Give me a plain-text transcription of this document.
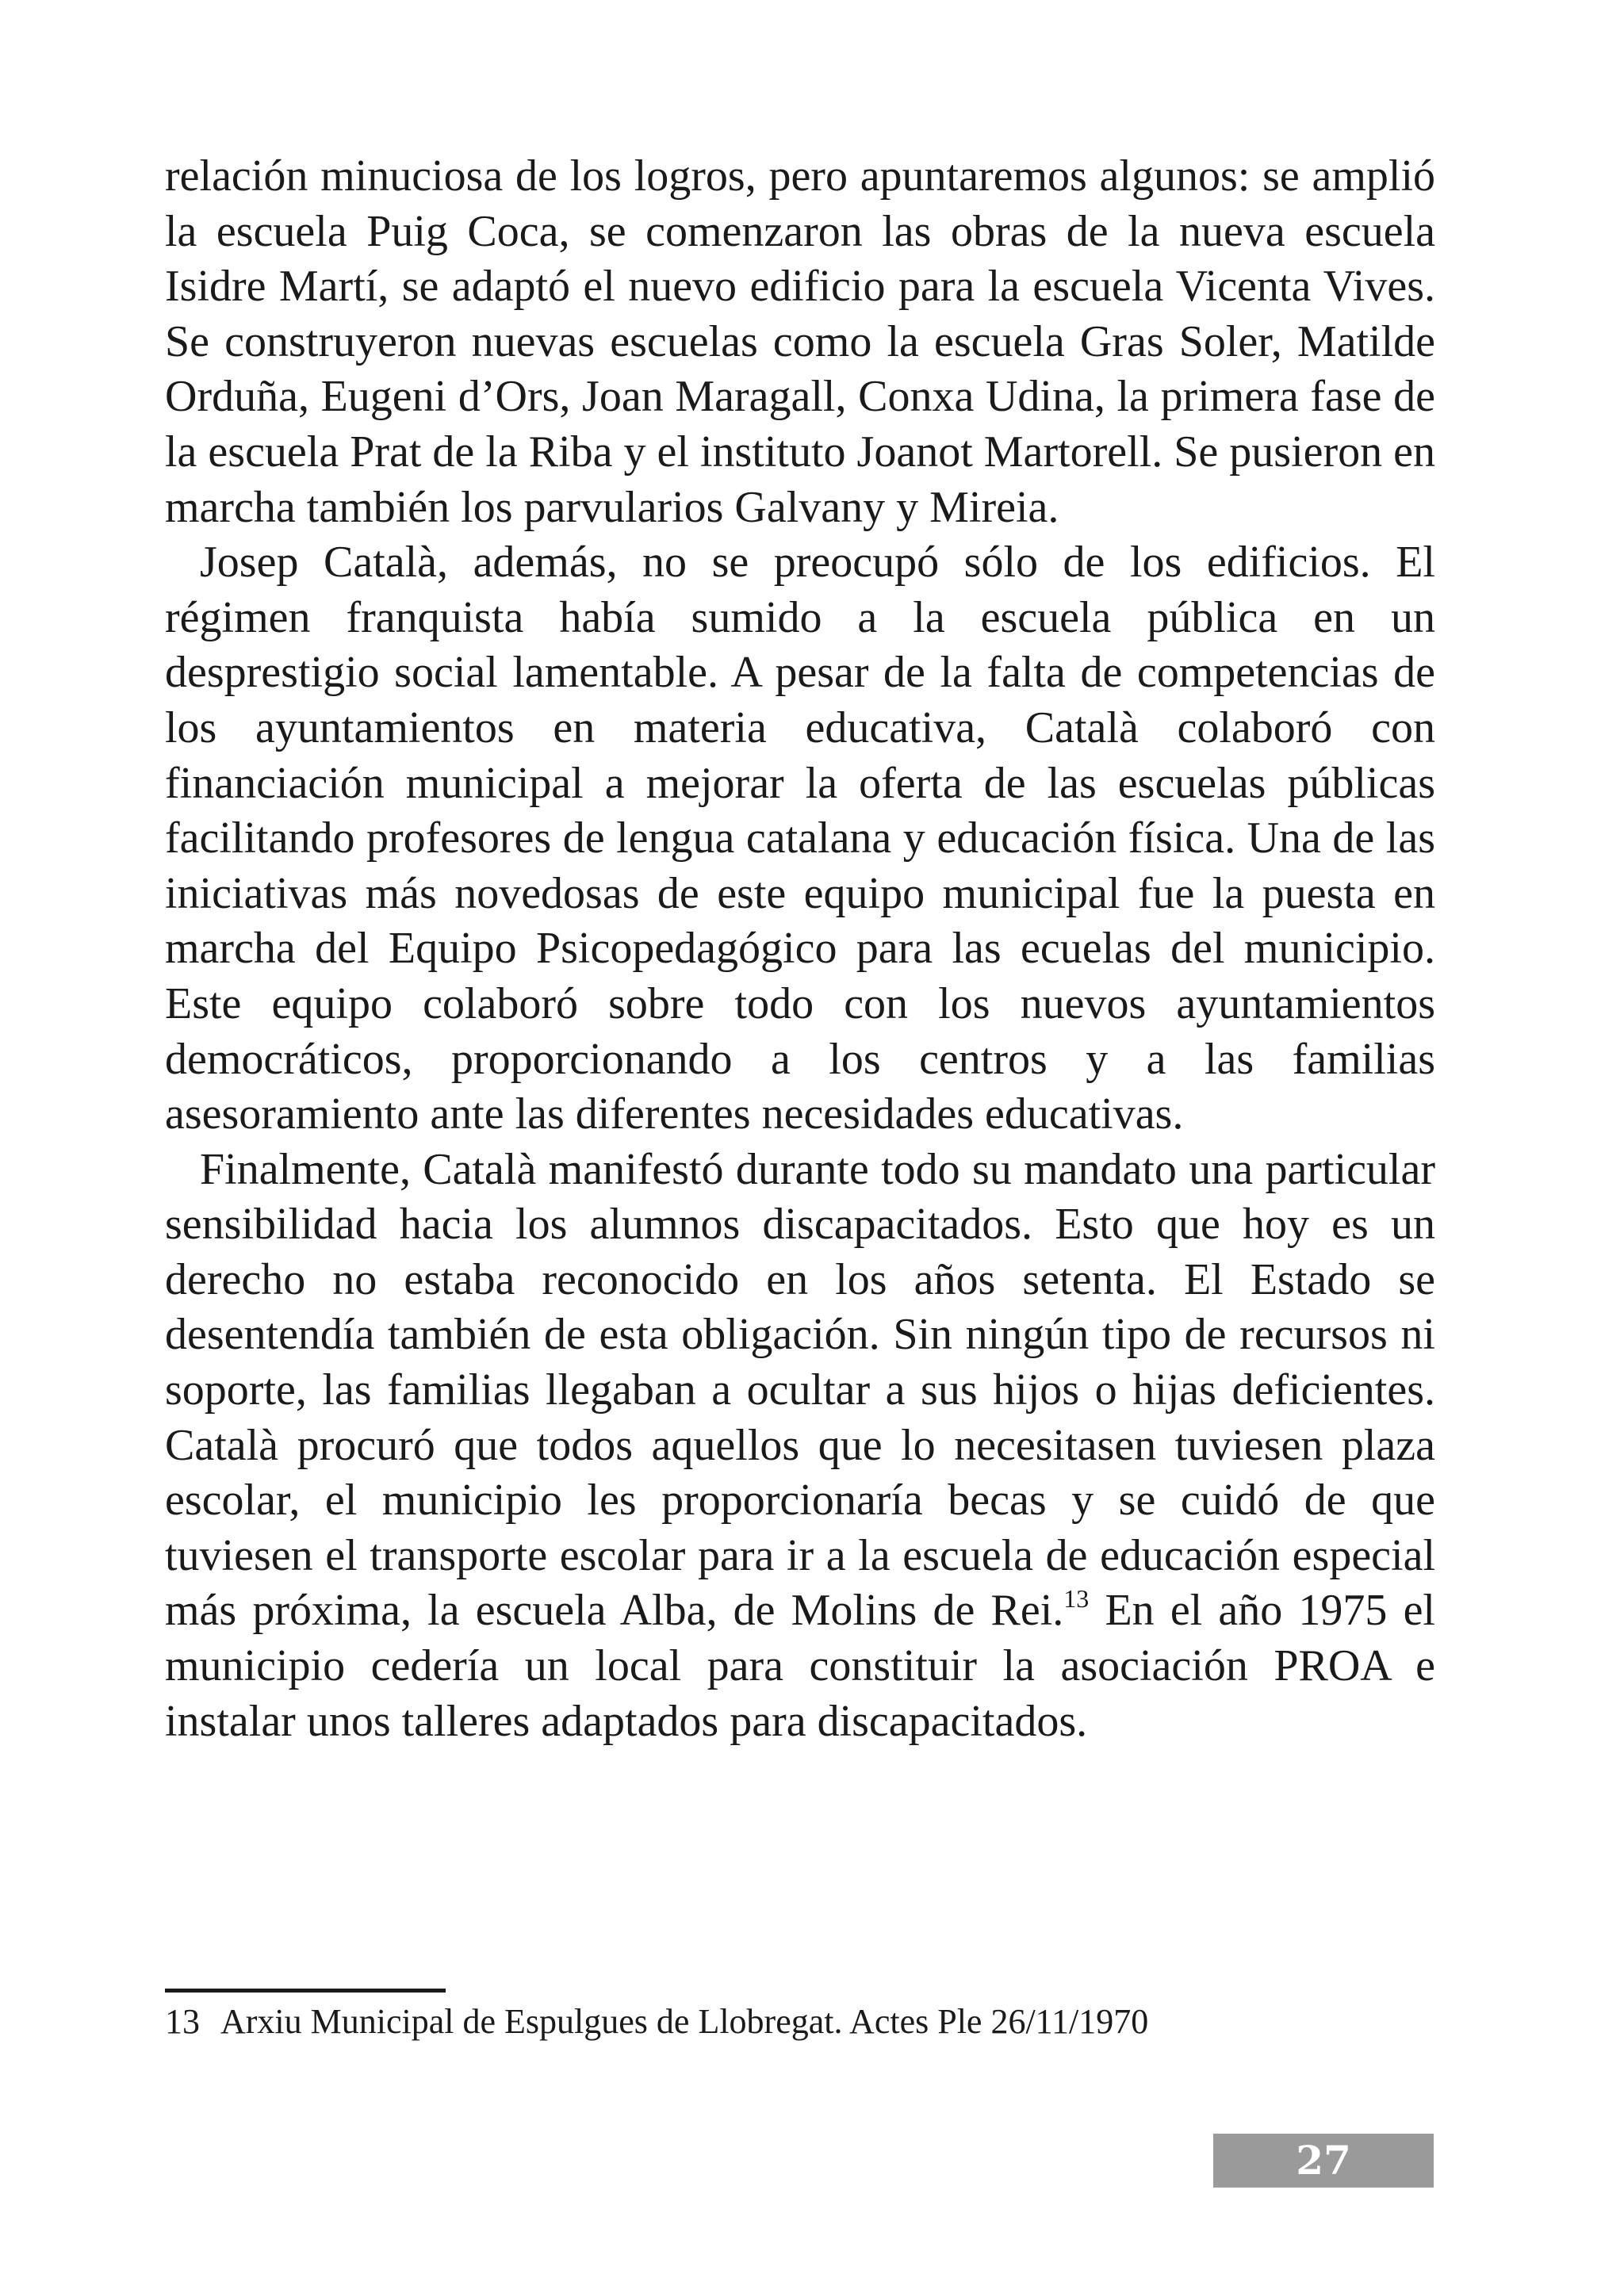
relación minuciosa de los logros, pero apuntaremos algunos: se amplió la escuela Puig Coca, se comenzaron las obras de la nueva escuela Isidre Martí, se adaptó el nuevo edificio para la escuela Vicenta Vives. Se construyeron nuevas escuelas como la escuela Gras Soler, Matilde Orduña, Eugeni d’Ors, Joan Maragall, Conxa Udina, la primera fase de la escuela Prat de la Riba y el instituto Joanot Martorell. Se pusieron en marcha también los parvularios Galvany y Mireia.

Josep Català, además, no se preocupó sólo de los edificios. El régimen franquista había sumido a la escuela pública en un desprestigio social lamentable. A pesar de la falta de competencias de los ayuntamientos en materia educativa, Català colaboró con financiación municipal a mejorar la oferta de las escuelas públicas facilitando profesores de lengua catalana y educación física. Una de las iniciativas más novedosas de este equipo municipal fue la puesta en marcha del Equipo Psicopedagógico para las ecuelas del municipio. Este equipo colaboró sobre todo con los nuevos ayuntamientos democráticos, proporcionando a los centros y a las familias asesoramiento ante las diferentes necesidades educativas.

Finalmente, Català manifestó durante todo su mandato una particular sensibilidad hacia los alumnos discapacitados. Esto que hoy es un derecho no estaba reconocido en los años setenta. El Estado se desentendía también de esta obligación. Sin ningún tipo de recursos ni soporte, las familias llegaban a ocultar a sus hijos o hijas deficientes. Català procuró que todos aquellos que lo necesitasen tuviesen plaza escolar, el municipio les proporcionaría becas y se cuidó de que tuviesen el transporte escolar para ir a la escuela de educación especial más próxima, la escuela Alba, de Molins de Rei.$^{13}$ En el año 1975 el municipio cedería un local para constituir la asociación PROA e instalar unos talleres adaptados para discapacitados.

13 Arxiu Municipal de Espulgues de Llobregat. Actes Ple 26/11/1970
27
